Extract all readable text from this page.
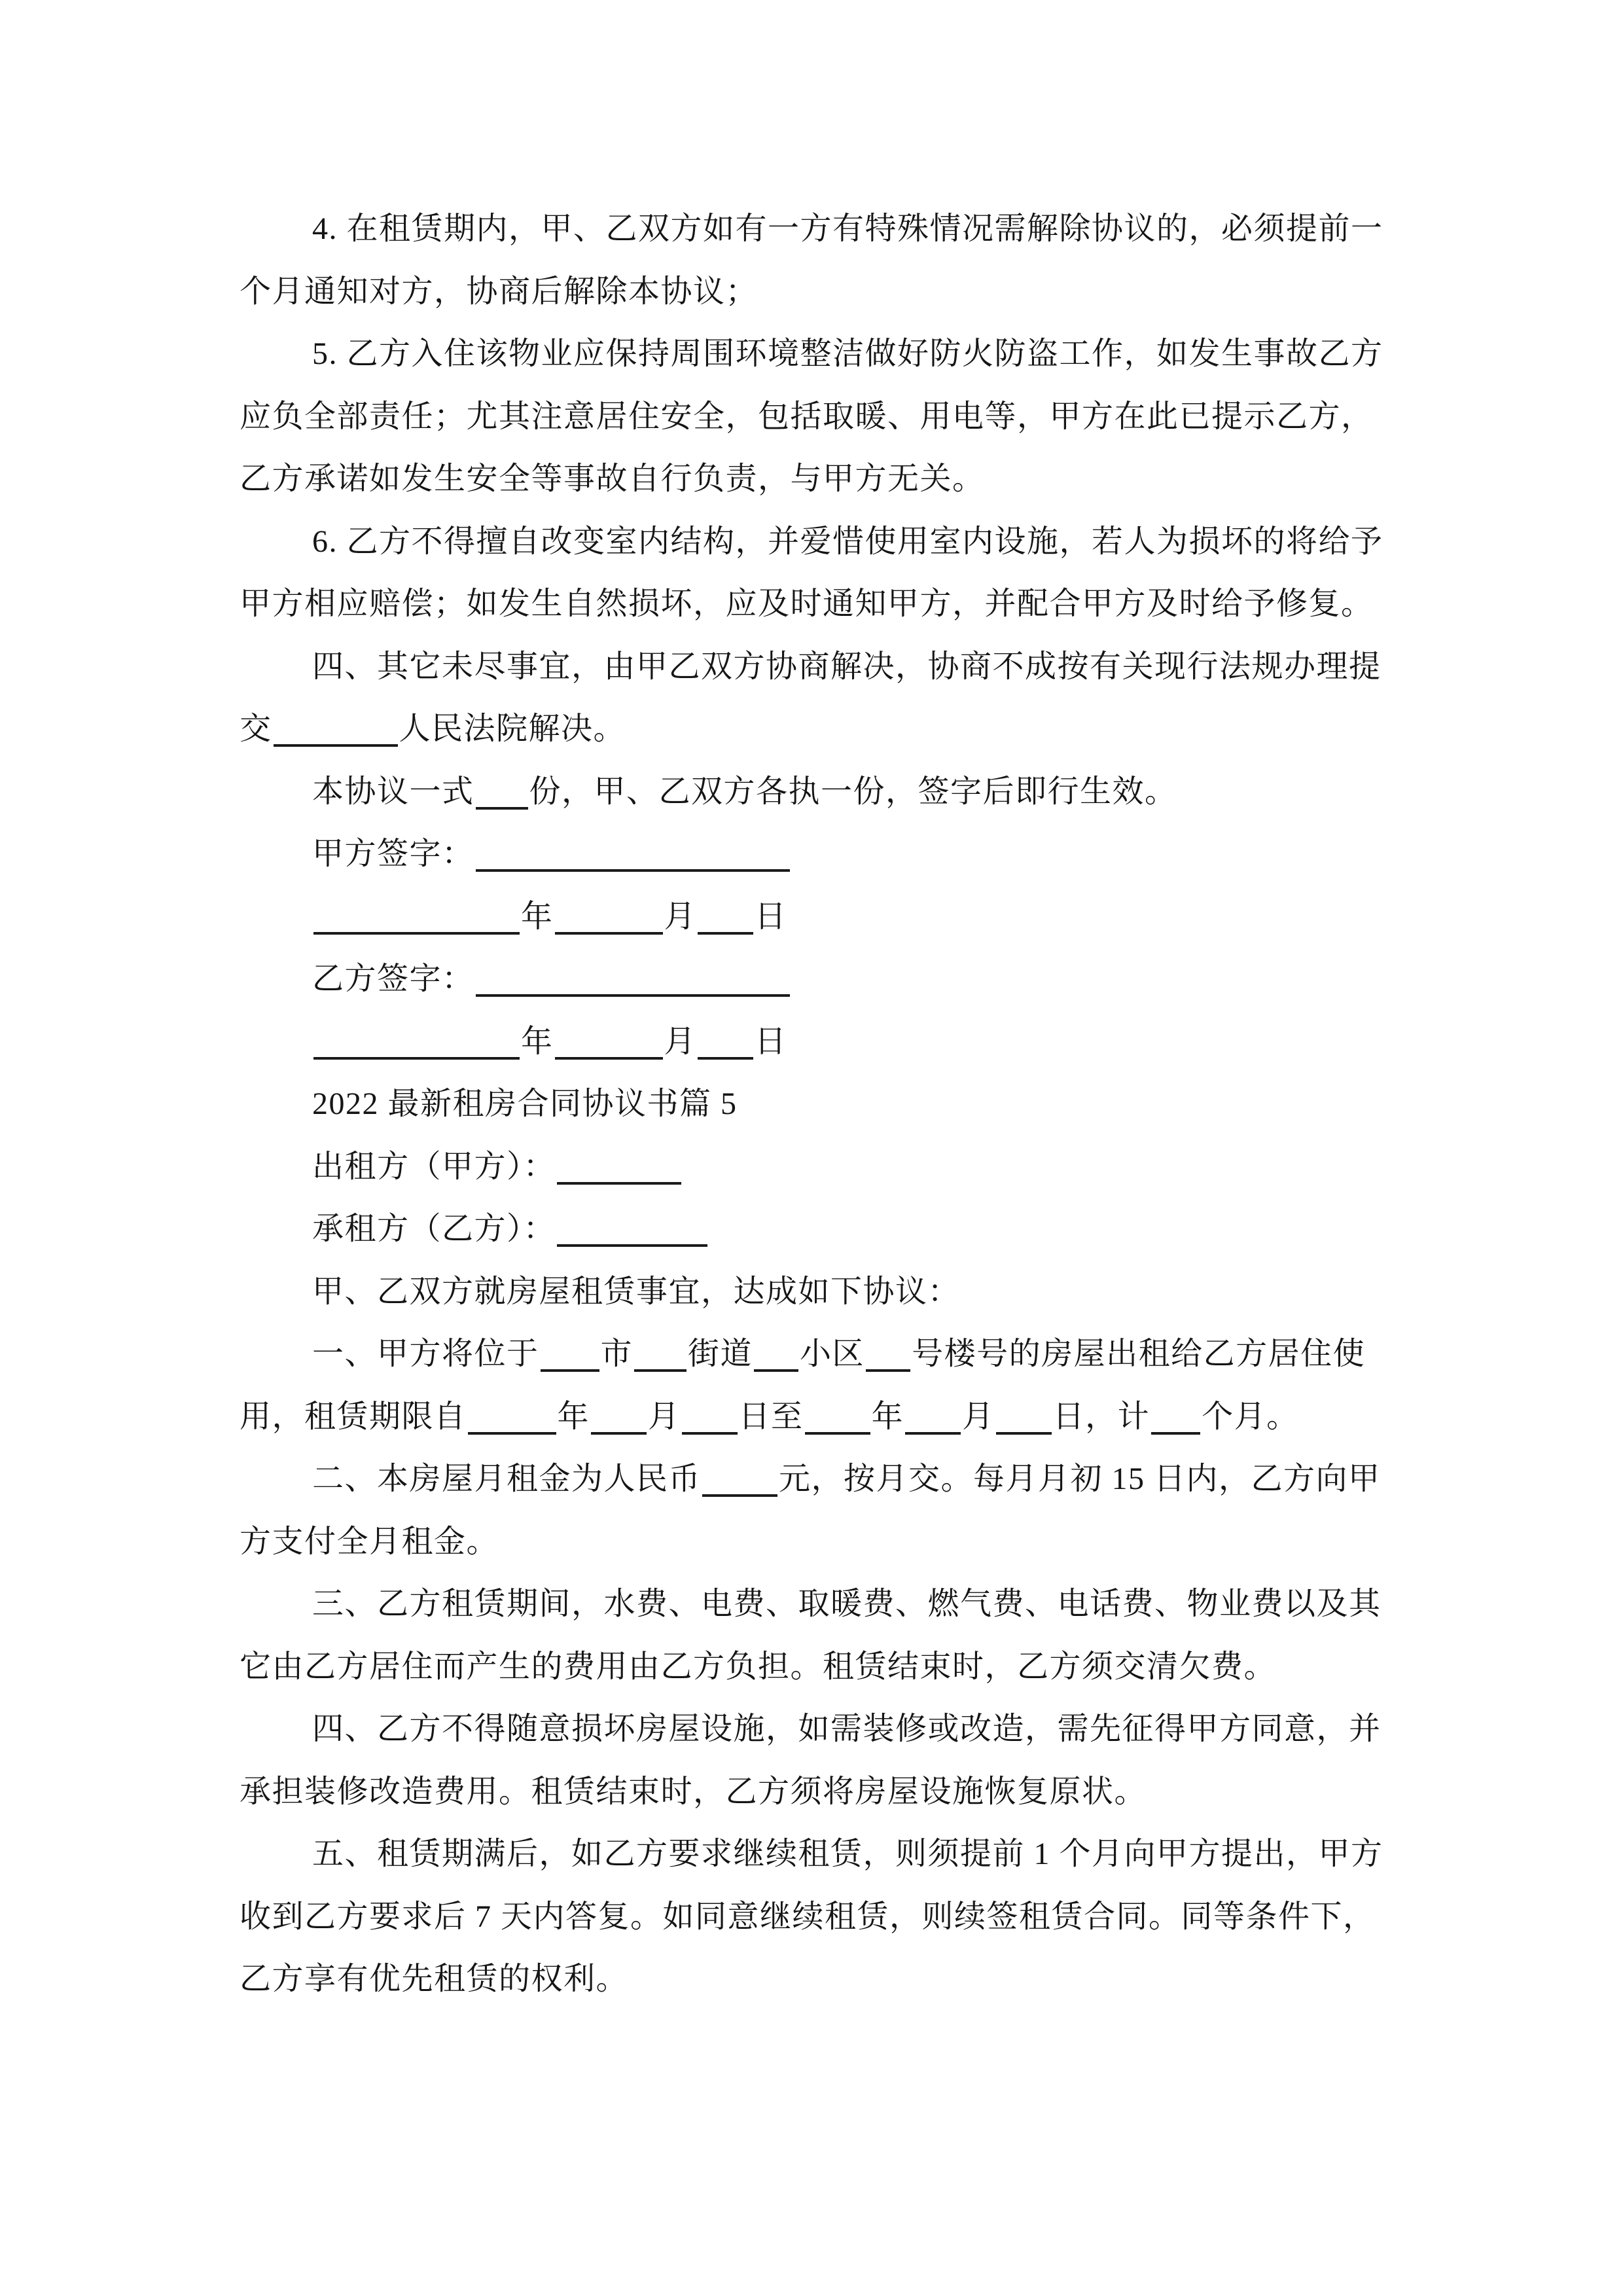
4. 在租赁期内，甲、乙双方如有一方有特殊情况需解除协议的，必须提前一
个月通知对方，协商后解除本协议；
5. 乙方入住该物业应保持周围环境整洁做好防火防盗工作，如发生事故乙方
应负全部责任；尤其注意居住安全，包括取暖、用电等，甲方在此已提示乙方，
乙方承诺如发生安全等事故自行负责，与甲方无关。
6. 乙方不得擅自改变室内结构，并爱惜使用室内设施，若人为损坏的将给予
甲方相应赔偿；如发生自然损坏，应及时通知甲方，并配合甲方及时给予修复。
四、其它未尽事宜，由甲乙双方协商解决，协商不成按有关现行法规办理提
交	人民法院解决。
本协议一式 份，甲、乙双方各执一份，签字后即行生效。
甲方签字：
年	月 日
乙方签字：
年	月 日
2022 最新租房合同协议书篇 5
出租方（甲方）：
承租方（乙方）：
甲、乙双方就房屋租赁事宜，达成如下协议：
一、甲方将位于 市 街道 小区 号楼号的房屋出租给乙方居住使
用，租赁期限自	年 月 日至 年 月 日，计 个月。
二、本房屋月租金为人民币 元，按月交。每月月初 15 日内，乙方向甲
方支付全月租金。
三、乙方租赁期间，水费、电费、取暖费、燃气费、电话费、物业费以及其
它由乙方居住而产生的费用由乙方负担。租赁结束时，乙方须交清欠费。
四、乙方不得随意损坏房屋设施，如需装修或改造，需先征得甲方同意，并
承担装修改造费用。租赁结束时，乙方须将房屋设施恢复原状。
五、租赁期满后，如乙方要求继续租赁，则须提前 1 个月向甲方提出，甲方
收到乙方要求后 7 天内答复。如同意继续租赁，则续签租赁合同。同等条件下，
乙方享有优先租赁的权利。
